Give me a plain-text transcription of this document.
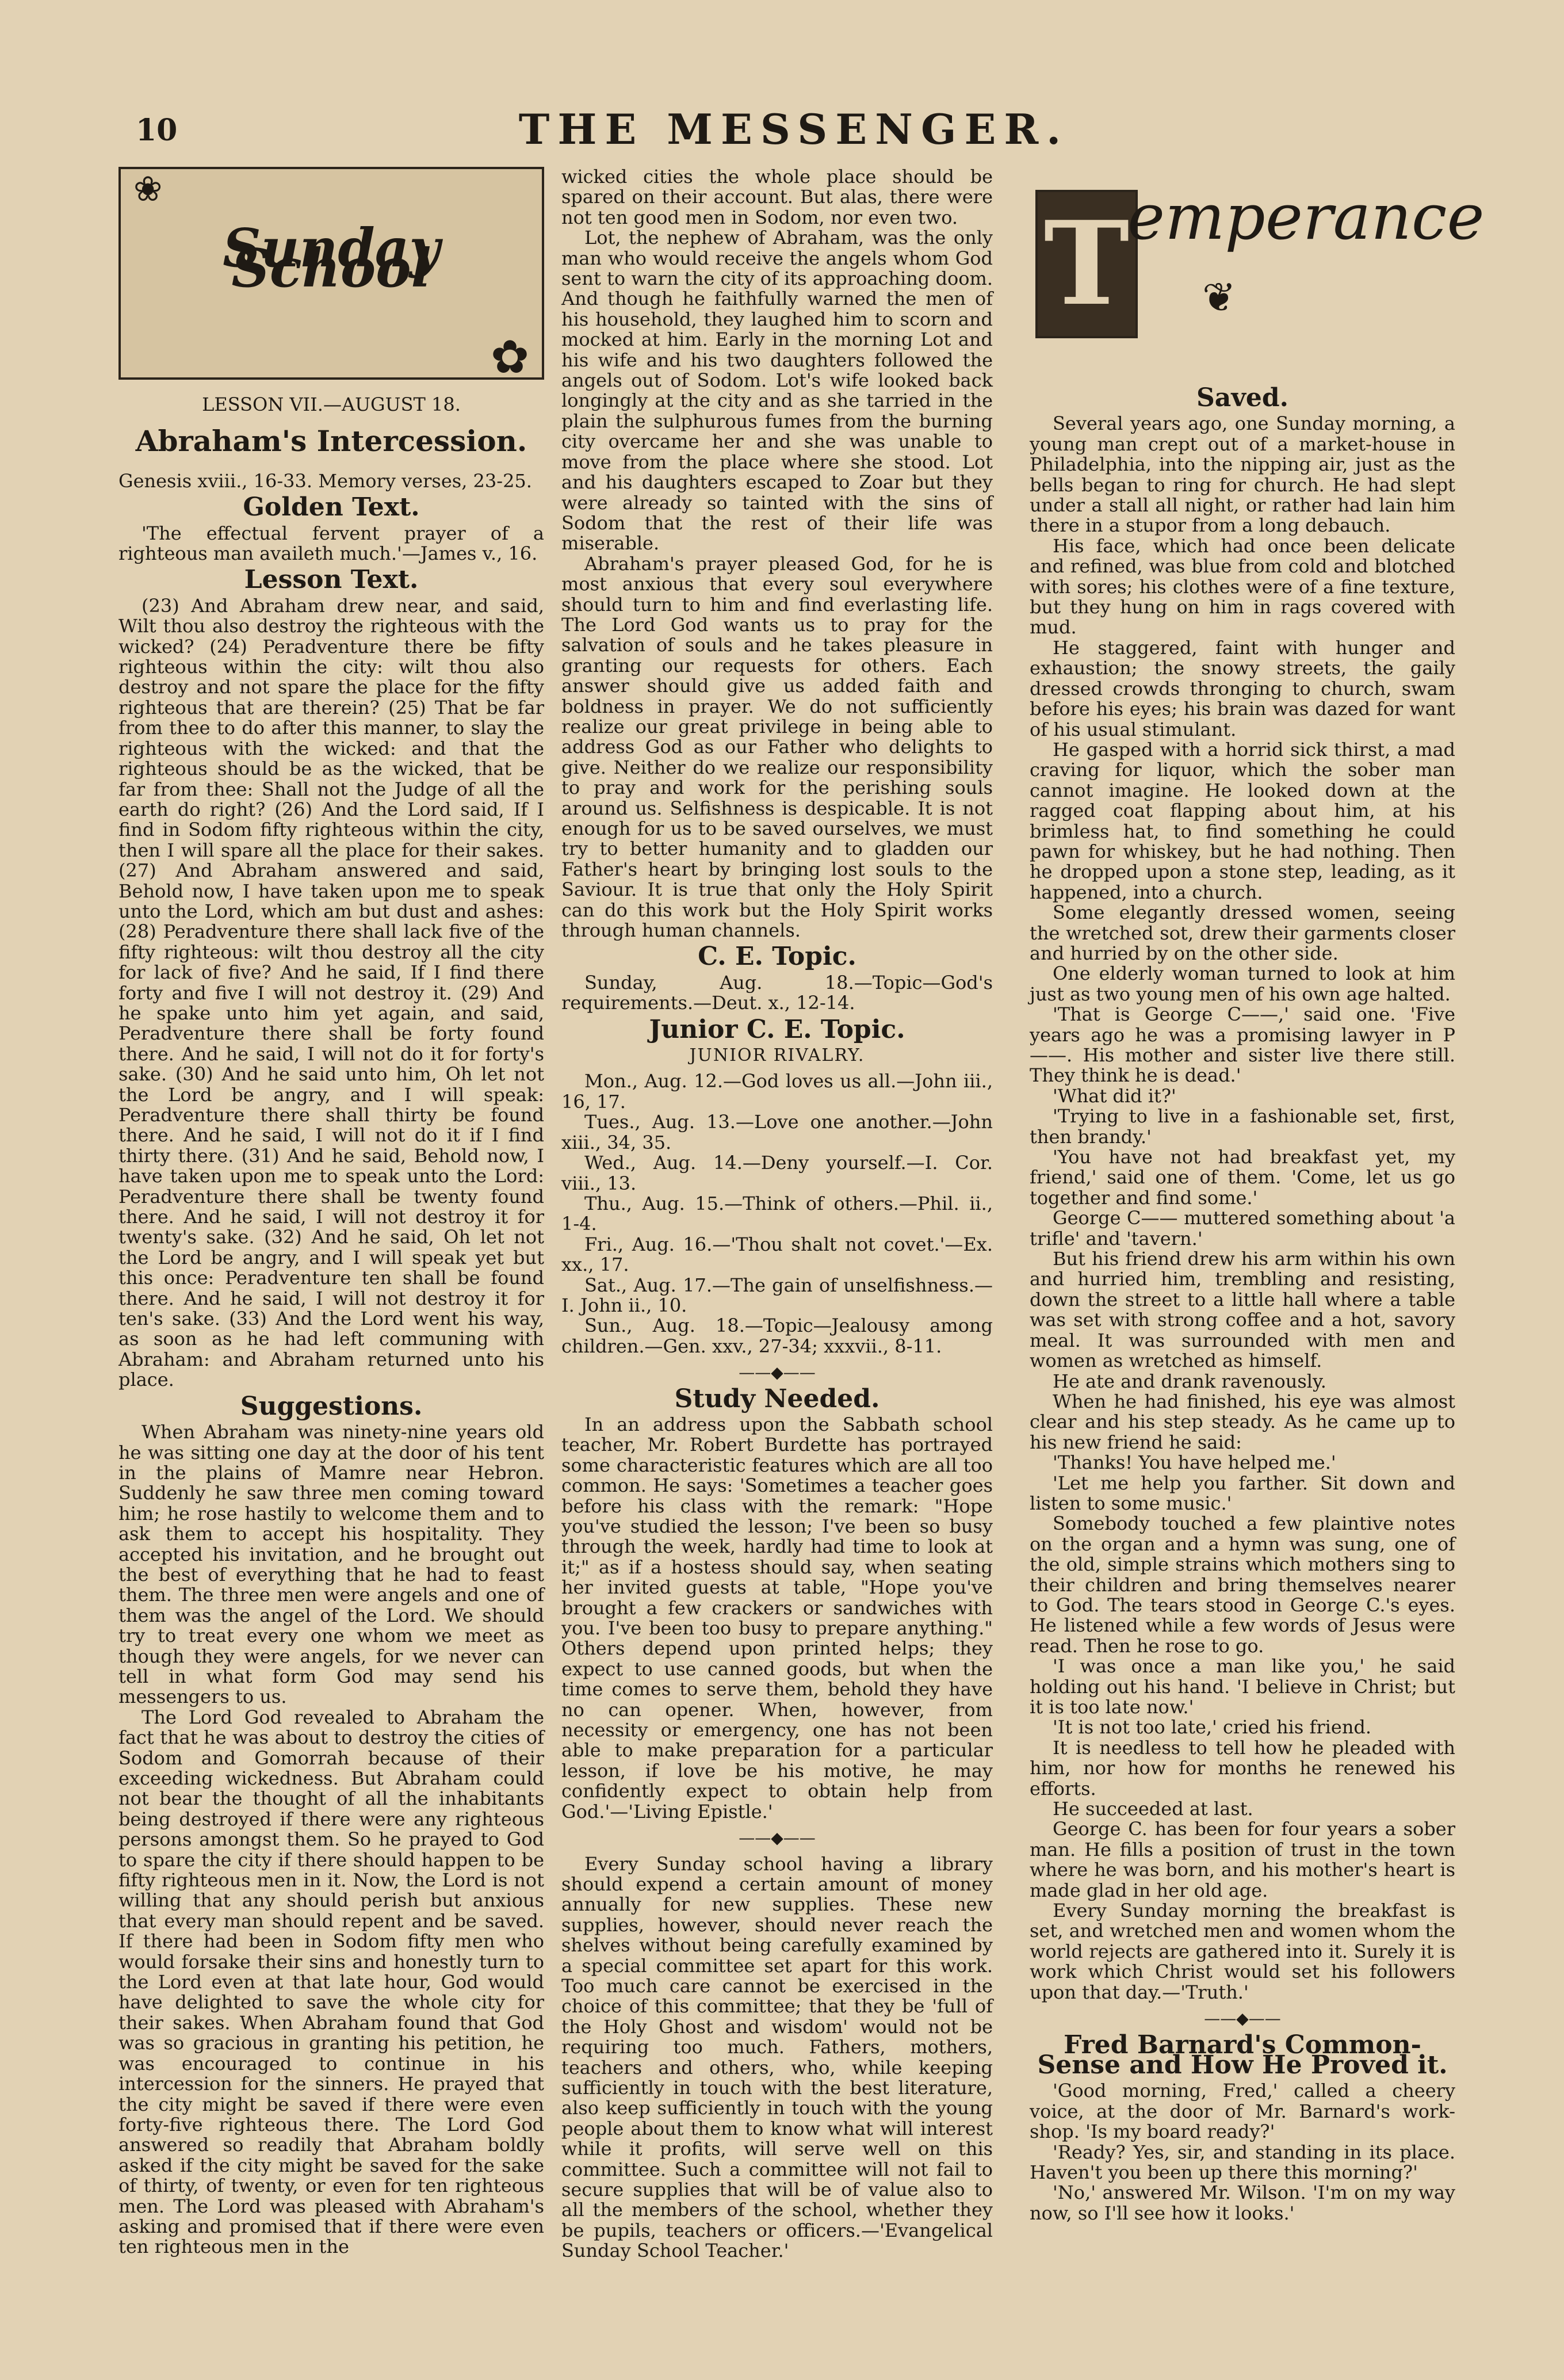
10	THE MESSENGER.
❀
Sunday School
✿
LESSON VII.—AUGUST 18.
Abraham's Intercession.

Genesis xviii., 16-33. Memory verses, 23-25.

Golden Text.

'The effectual fervent prayer of a righteous man availeth much.'—James v., 16.

Lesson Text.

(23) And Abraham drew near, and said, Wilt thou also destroy the righteous with the wicked? (24) Peradventure there be fifty righteous within the city: wilt thou also destroy and not spare the place for the fifty righteous that are therein? (25) That be far from thee to do after this manner, to slay the righteous with the wicked: and that the righteous should be as the wicked, that be far from thee: Shall not the Judge of all the earth do right? (26) And the Lord said, If I find in Sodom fifty righteous within the city, then I will spare all the place for their sakes. (27) And Abraham answered and said, Behold now, I have taken upon me to speak unto the Lord, which am but dust and ashes: (28) Peradventure there shall lack five of the fifty righteous: wilt thou destroy all the city for lack of five? And he said, If I find there forty and five I will not destroy it. (29) And he spake unto him yet again, and said, Peradventure there shall be forty found there. And he said, I will not do it for forty's sake. (30) And he said unto him, Oh let not the Lord be angry, and I will speak: Peradventure there shall thirty be found there. And he said, I will not do it if I find thirty there. (31) And he said, Behold now, I have taken upon me to speak unto the Lord: Peradventure there shall be twenty found there. And he said, I will not destroy it for twenty's sake. (32) And he said, Oh let not the Lord be angry, and I will speak yet but this once: Peradventure ten shall be found there. And he said, I will not destroy it for ten's sake. (33) And the Lord went his way, as soon as he had left communing with Abraham: and Abraham returned unto his place.

Suggestions.

When Abraham was ninety-nine years old he was sitting one day at the door of his tent in the plains of Mamre near Hebron. Suddenly he saw three men coming toward him; he rose hastily to welcome them and to ask them to accept his hospitality. They accepted his invitation, and he brought out the best of everything that he had to feast them. The three men were angels and one of them was the angel of the Lord. We should try to treat every one whom we meet as though they were angels, for we never can tell in what form God may send his messengers to us.

The Lord God revealed to Abraham the fact that he was about to destroy the cities of Sodom and Gomorrah because of their exceeding wickedness. But Abraham could not bear the thought of all the inhabitants being destroyed if there were any righteous persons amongst them. So he prayed to God to spare the city if there should happen to be fifty righteous men in it. Now, the Lord is not willing that any should perish but anxious that every man should repent and be saved. If there had been in Sodom fifty men who would forsake their sins and honestly turn to the Lord even at that late hour, God would have delighted to save the whole city for their sakes. When Abraham found that God was so gracious in granting his petition, he was encouraged to continue in his intercession for the sinners. He prayed that the city might be saved if there were even forty-five righteous there. The Lord God answered so readily that Abraham boldly asked if the city might be saved for the sake of thirty, of twenty, or even for ten righteous men. The Lord was pleased with Abraham's asking and promised that if there were even ten righteous men in the

wicked cities the whole place should be spared on their account. But alas, there were not ten good men in Sodom, nor even two.

Lot, the nephew of Abraham, was the only man who would receive the angels whom God sent to warn the city of its approaching doom. And though he faithfully warned the men of his household, they laughed him to scorn and mocked at him. Early in the morning Lot and his wife and his two daughters followed the angels out of Sodom. Lot's wife looked back longingly at the city and as she tarried in the plain the sulphurous fumes from the burning city overcame her and she was unable to move from the place where she stood. Lot and his daughters escaped to Zoar but they were already so tainted with the sins of Sodom that the rest of their life was miserable.

Abraham's prayer pleased God, for he is most anxious that every soul everywhere should turn to him and find everlasting life. The Lord God wants us to pray for the salvation of souls and he takes pleasure in granting our requests for others. Each answer should give us added faith and boldness in prayer. We do not sufficiently realize our great privilege in being able to address God as our Father who delights to give. Neither do we realize our responsibility to pray and work for the perishing souls around us. Selfishness is despicable. It is not enough for us to be saved ourselves, we must try to better humanity and to gladden our Father's heart by bringing lost souls to the Saviour. It is true that only the Holy Spirit can do this work but the Holy Spirit works through human channels.

C. E. Topic.

Sunday, Aug. 18.—Topic—God's requirements.—Deut. x., 12-14.

Junior C. E. Topic.
JUNIOR RIVALRY.

Mon., Aug. 12.—God loves us all.—John iii., 16, 17.

Tues., Aug. 13.—Love one another.—John xiii., 34, 35.

Wed., Aug. 14.—Deny yourself.—I. Cor. viii., 13.

Thu., Aug. 15.—Think of others.—Phil. ii., 1-4.

Fri., Aug. 16.—'Thou shalt not covet.'—Ex. xx., 17.

Sat., Aug. 17.—The gain of unselfishness.—I. John ii., 10.

Sun., Aug. 18.—Topic—Jealousy among children.—Gen. xxv., 27-34; xxxvii., 8-11.

——◆——
Study Needed.

In an address upon the Sabbath school teacher, Mr. Robert Burdette has portrayed some characteristic features which are all too common. He says: 'Sometimes a teacher goes before his class with the remark: "Hope you've studied the lesson; I've been so busy through the week, hardly had time to look at it;" as if a hostess should say, when seating her invited guests at table, "Hope you've brought a few crackers or sandwiches with you. I've been too busy to prepare anything." Others depend upon printed helps; they expect to use canned goods, but when the time comes to serve them, behold they have no can opener. When, however, from necessity or emergency, one has not been able to make preparation for a particular lesson, if love be his motive, he may confidently expect to obtain help from God.'—'Living Epistle.'

——◆——

Every Sunday school having a library should expend a certain amount of money annually for new supplies. These new supplies, however, should never reach the shelves without being carefully examined by a special committee set apart for this work. Too much care cannot be exercised in the choice of this committee; that they be 'full of the Holy Ghost and wisdom' would not be requiring too much. Fathers, mothers, teachers and others, who, while keeping sufficiently in touch with the best literature, also keep sufficiently in touch with the young people about them to know what will interest while it profits, will serve well on this committee. Such a committee will not fail to secure supplies that will be of value also to all the members of the school, whether they be pupils, teachers or officers.—'Evangelical Sunday School Teacher.'

T
emperance
❦
Saved.

Several years ago, one Sunday morning, a young man crept out of a market-house in Philadelphia, into the nipping air, just as the bells began to ring for church. He had slept under a stall all night, or rather had lain him there in a stupor from a long debauch.

His face, which had once been delicate and refined, was blue from cold and blotched with sores; his clothes were of a fine texture, but they hung on him in rags covered with mud.

He staggered, faint with hunger and exhaustion; the snowy streets, the gaily dressed crowds thronging to church, swam before his eyes; his brain was dazed for want of his usual stimulant.

He gasped with a horrid sick thirst, a mad craving for liquor, which the sober man cannot imagine. He looked down at the ragged coat flapping about him, at his brimless hat, to find something he could pawn for whiskey, but he had nothing. Then he dropped upon a stone step, leading, as it happened, into a church.

Some elegantly dressed women, seeing the wretched sot, drew their garments closer and hurried by on the other side.

One elderly woman turned to look at him just as two young men of his own age halted.

'That is George C——,' said one. 'Five years ago he was a promising lawyer in P——. His mother and sister live there still. They think he is dead.'

'What did it?'

'Trying to live in a fashionable set, first, then brandy.'

'You have not had breakfast yet, my friend,' said one of them. 'Come, let us go together and find some.'

George C—— muttered something about 'a trifle' and 'tavern.'

But his friend drew his arm within his own and hurried him, trembling and resisting, down the street to a little hall where a table was set with strong coffee and a hot, savory meal. It was surrounded with men and women as wretched as himself.

He ate and drank ravenously.

When he had finished, his eye was almost clear and his step steady. As he came up to his new friend he said:

'Thanks! You have helped me.'

'Let me help you farther. Sit down and listen to some music.'

Somebody touched a few plaintive notes on the organ and a hymn was sung, one of the old, simple strains which mothers sing to their children and bring themselves nearer to God. The tears stood in George C.'s eyes. He listened while a few words of Jesus were read. Then he rose to go.

'I was once a man like you,' he said holding out his hand. 'I believe in Christ; but it is too late now.'

'It is not too late,' cried his friend.

It is needless to tell how he pleaded with him, nor how for months he renewed his efforts.

He succeeded at last.

George C. has been for four years a sober man. He fills a position of trust in the town where he was born, and his mother's heart is made glad in her old age.

Every Sunday morning the breakfast is set, and wretched men and women whom the world rejects are gathered into it. Surely it is work which Christ would set his followers upon that day.—'Truth.'

——◆——
Fred Barnard's Common-Sense and How He Proved it.

'Good morning, Fred,' called a cheery voice, at the door of Mr. Barnard's work-shop. 'Is my board ready?'

'Ready? Yes, sir, and standing in its place. Haven't you been up there this morning?'

'No,' answered Mr. Wilson. 'I'm on my way now, so I'll see how it looks.'
